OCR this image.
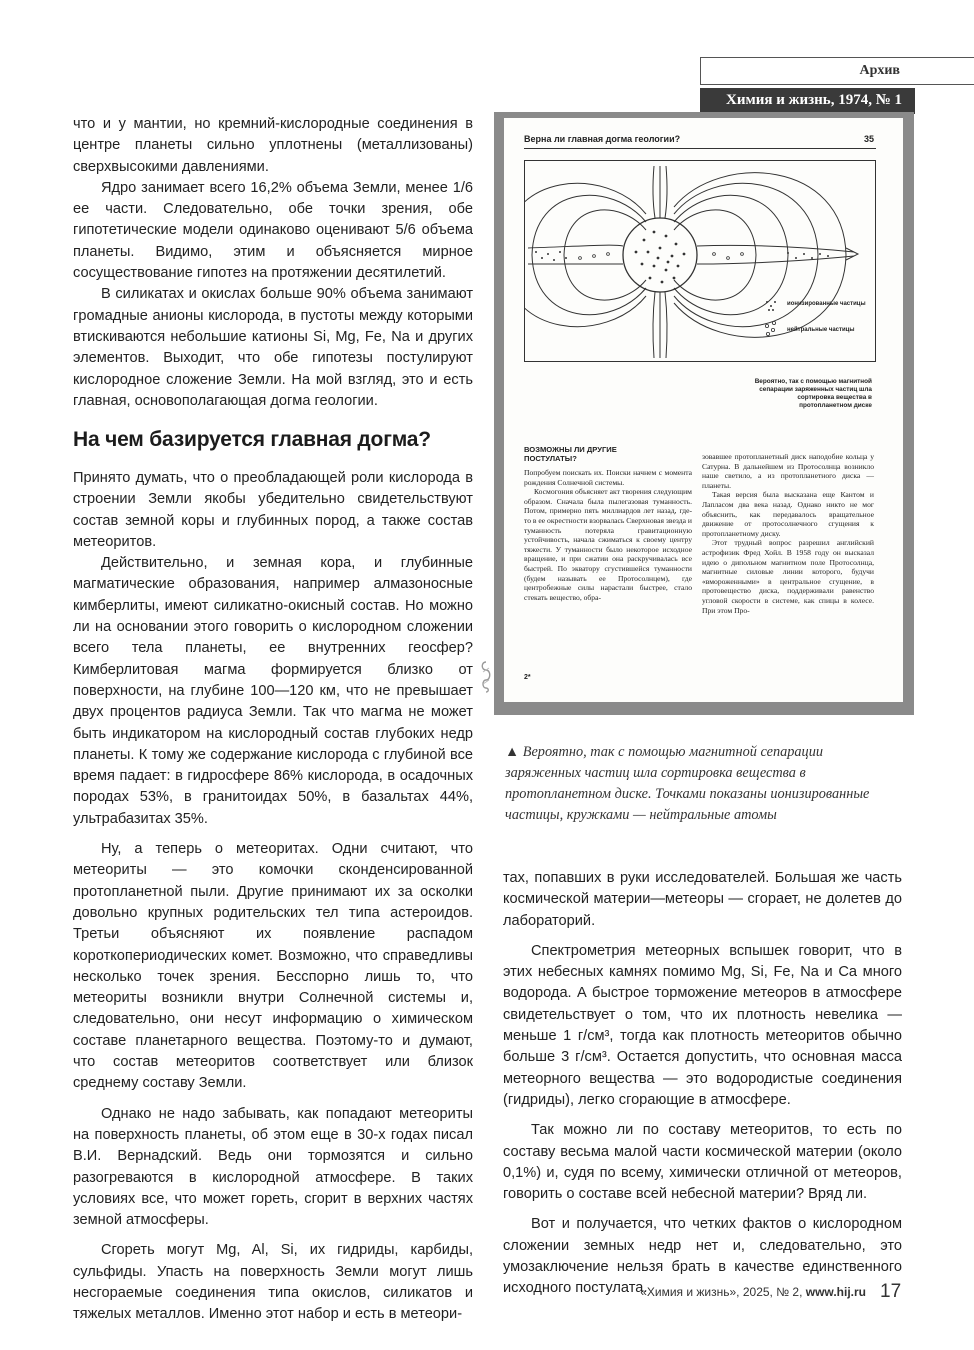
Архив
Химия и жизнь, 1974, № 1

что и у мантии, но кремний-кислородные соединения в центре планеты сильно уплотнены (металлизованы) сверхвысокими давлениями.

Ядро занимает всего 16,2% объема Земли, менее 1/6 ее части. Следовательно, обе точки зрения, обе гипотетические модели одинаково оценивают 5/6 объема планеты. Видимо, этим и объясняется мирное сосуществование гипотез на протяжении десятилетий.

В силикатах и окислах больше 90% объема занимают громадные анионы кислорода, в пустоты между которыми втискиваются небольшие катионы Si, Mg, Fe, Na и других элементов. Выходит, что обе гипотезы постулируют кислородное сложение Земли. На мой взгляд, это и есть главная, основополагающая догма геологии.

На чем базируется главная догма?

Принято думать, что о преобладающей роли кислорода в строении Земли якобы убедительно свидетельствуют состав земной коры и глубинных пород, а также состав метеоритов.

Действительно, и земная кора, и глубинные магматические образования, например алмазоносные кимберлиты, имеют силикатно-окисный состав. Но можно ли на основании этого говорить о кислородном сложении всего тела планеты, ее внутренних геосфер? Кимберлитовая магма формируется близко от поверхности, на глубине 100—120 км, что не превышает двух процентов радиуса Земли. Так что магма не может быть индикатором на кислородный состав глубоких недр планеты. К тому же содержание кислорода с глубиной все время падает: в гидросфере 86% кислорода, в осадочных породах 53%, в гранитоидах 50%, в базальтах 44%, ультрабазитах 35%.

Ну, а теперь о метеоритах. Одни считают, что метеориты — это комочки сконденсированной протопланетной пыли. Другие принимают их за осколки довольно крупных родительских тел типа астероидов. Третьи объясняют их появление распадом короткопериодических комет. Возможно, что справедливы несколько точек зрения. Бесспорно лишь то, что метеориты возникли внутри Солнечной системы и, следовательно, они несут информацию о химическом составе планетарного вещества. Поэтому-то и думают, что состав метеоритов соответствует или близок среднему составу Земли.

Однако не надо забывать, как попадают метеориты на поверхность планеты, об этом еще в 30-х годах писал В.И. Вернадский. Ведь они тормозятся и сильно разогреваются в кислородной атмосфере. В таких условиях все, что может гореть, сгорит в верхних частях земной атмосферы.

Сгореть могут Mg, Al, Si, их гидриды, карбиды, сульфиды. Упасть на поверхность Земли могут лишь несгораемые соединения типа окислов, силикатов и тяжелых металлов. Именно этот набор и есть в метеори-

Верна ли главная догма геологии?	35
ионизированные частицы
нейтральные частицы
Вероятно, так с помощью магнитной сепарации заряженных частиц шла сортировка вещества в протопланетном диске
ВОЗМОЖНЫ ЛИ ДРУГИЕ ПОСТУЛАТЫ?

Попробуем поискать их. Поиски начнем с момента рождения Солнечной системы.

Космогония объясняет акт творения следующим образом. Сначала была пылегазовая туманность. Потом, примерно пять миллиардов лет назад, где-то в ее окрестности взорвалась Сверхновая звезда и туманность потеряла гравитационную устойчивость, начала сжиматься к своему центру тяжести. У туманности было некоторое исходное вращение, и при сжатии она раскручивалась все быстрей. По экватору сгустившейся туманности (будем называть ее Протосолнцем), где центробежные силы нарастали быстрее, стало стекать вещество, обра-

зовавшее протопланетный диск наподобие кольца у Сатурна. В дальнейшем из Протосолнца возникло наше светило, а из протопланетного диска — планеты.

Такая версия была высказана еще Кантом и Лапласом два века назад. Однако никто не мог объяснить, как передавалось вращательное движение от протосолнечного сгущения к протопланетному диску.

Этот трудный вопрос разрешил английский астрофизик Фред Хойл. В 1958 году он высказал идею о дипольном магнитном поле Протосолнца, магнитные силовые линии которого, будучи «вмороженными» в центральное сгущение, в протовещество диска, поддерживали равенство угловой скорости в системе, как спицы в колесе. При этом Про-

2*
▲ Вероятно, так с помощью магнитной сепарации заряженных частиц шла сортировка вещества в протопланетном диске. Точками показаны ионизированные частицы, кружками — нейтральные атомы

тах, попавших в руки исследователей. Большая же часть космической материи—метеоры — сгорает, не долетев до лабораторий.

Спектрометрия метеорных вспышек говорит, что в этих небесных камнях помимо Mg, Si, Fe, Na и Ca много водорода. А быстрое торможение метеоров в атмосфере свидетельствует о том, что их плотность невелика — меньше 1 г/см³, тогда как плотность метеоритов обычно больше 3 г/см³. Остается допустить, что основная масса метеорного вещества — это водородистые соединения (гидриды), легко сгорающие в атмосфере.

Так можно ли по составу метеоритов, то есть по составу весьма малой части космической материи (около 0,1%) и, судя по всему, химически отличной от метеоров, говорить о составе всей небесной материи? Вряд ли.

Вот и получается, что четких фактов о кислородном сложении земных недр нет и, следовательно, это умозаключение нельзя брать в качестве единственного исходного постулата.

«Химия и жизнь», 2025, № 2, www.hij.ru 17
